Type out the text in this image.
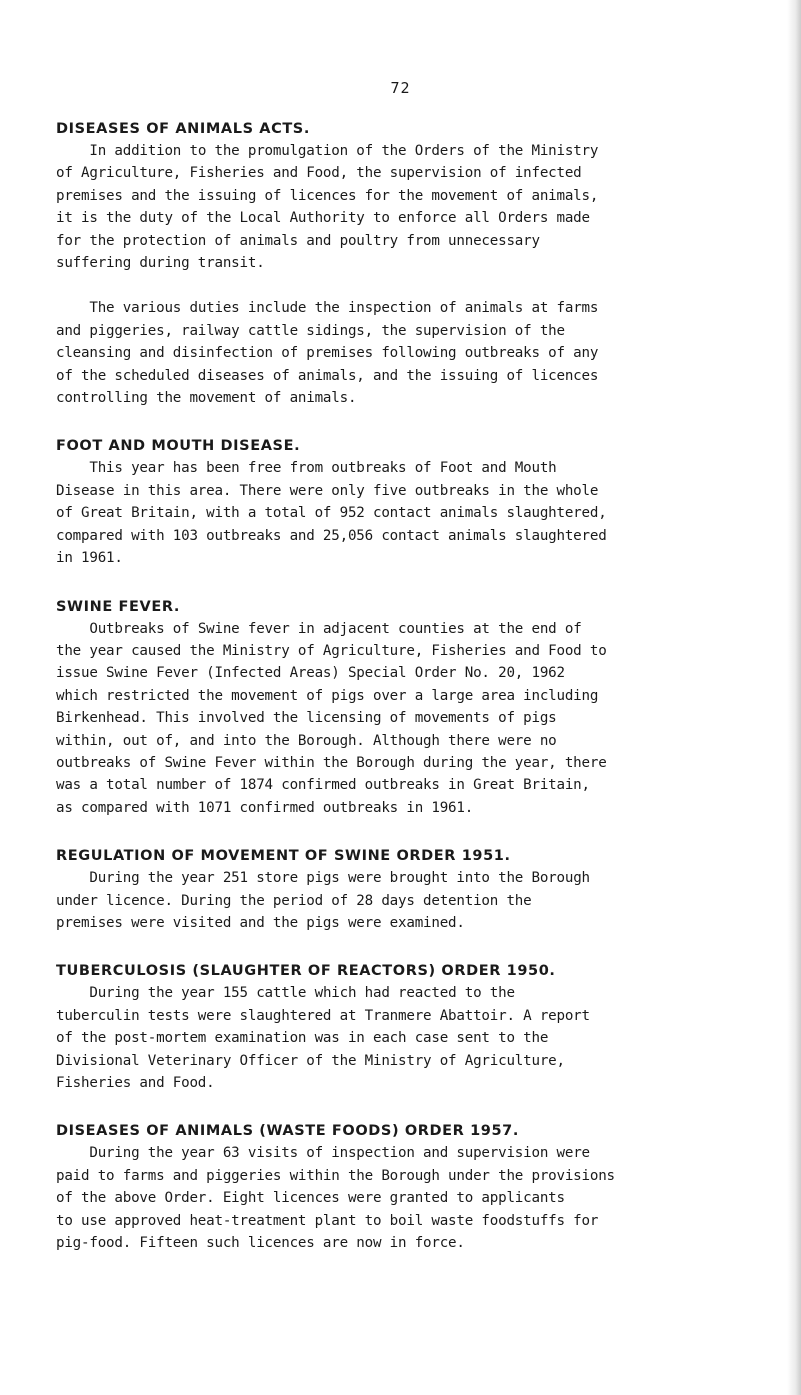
72
DISEASES OF ANIMALS ACTS.
In addition to the promulgation of the Orders of the Ministry
of Agriculture, Fisheries and Food, the supervision of infected
premises and the issuing of licences for the movement of animals,
it is the duty of the Local Authority to enforce all Orders made
for the protection of animals and poultry from unnecessary
suffering during transit.
The various duties include the inspection of animals at farms
and piggeries, railway cattle sidings, the supervision of the
cleansing and disinfection of premises following outbreaks of any
of the scheduled diseases of animals, and the issuing of licences
controlling the movement of animals.
FOOT AND MOUTH DISEASE.
This year has been free from outbreaks of Foot and Mouth
Disease in this area. There were only five outbreaks in the whole
of Great Britain, with a total of 952 contact animals slaughtered,
compared with 103 outbreaks and 25,056 contact animals slaughtered
in 1961.
SWINE FEVER.
Outbreaks of Swine fever in adjacent counties at the end of
the year caused the Ministry of Agriculture, Fisheries and Food to
issue Swine Fever (Infected Areas) Special Order No. 20, 1962
which restricted the movement of pigs over a large area including
Birkenhead. This involved the licensing of movements of pigs
within, out of, and into the Borough. Although there were no
outbreaks of Swine Fever within the Borough during the year, there
was a total number of 1874 confirmed outbreaks in Great Britain,
as compared with 1071 confirmed outbreaks in 1961.
REGULATION OF MOVEMENT OF SWINE ORDER 1951.
During the year 251 store pigs were brought into the Borough
under licence. During the period of 28 days detention the
premises were visited and the pigs were examined.
TUBERCULOSIS (SLAUGHTER OF REACTORS) ORDER 1950.
During the year 155 cattle which had reacted to the
tuberculin tests were slaughtered at Tranmere Abattoir. A report
of the post-mortem examination was in each case sent to the
Divisional Veterinary Officer of the Ministry of Agriculture,
Fisheries and Food.
DISEASES OF ANIMALS (WASTE FOODS) ORDER 1957.
During the year 63 visits of inspection and supervision were
paid to farms and piggeries within the Borough under the provisions
of the above Order. Eight licences were granted to applicants
to use approved heat-treatment plant to boil waste foodstuffs for
pig-food. Fifteen such licences are now in force.
